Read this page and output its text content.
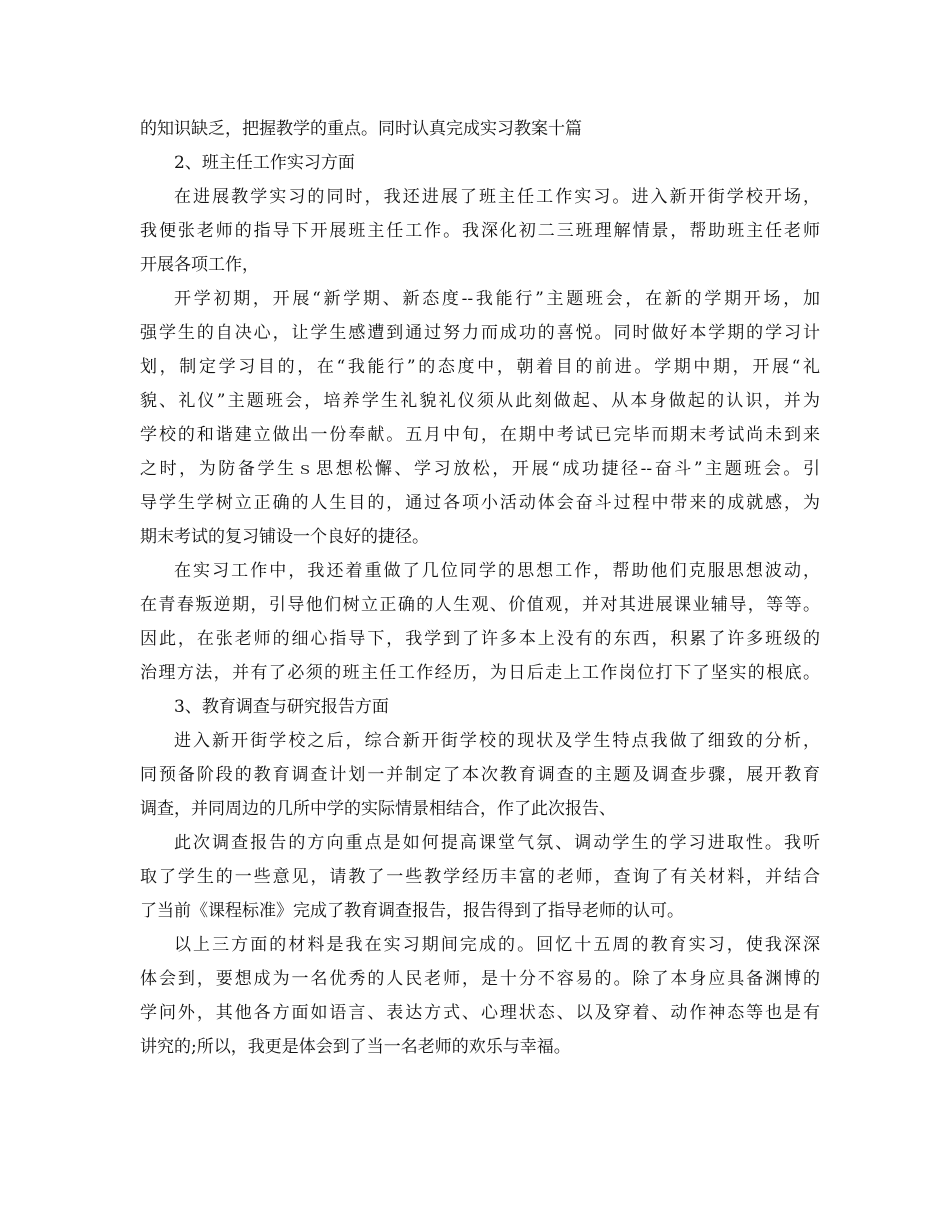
的知识缺乏，把握教学的重点。同时认真完成实习教案十篇
2、班主任工作实习方面
在进展教学实习的同时，我还进展了班主任工作实习。进入新开街学校开场，
我便张老师的指导下开展班主任工作。我深化初二三班理解情景，帮助班主任老师
开展各项工作，
开学初期，开展“新学期、新态度--我能行”主题班会，在新的学期开场，加
强学生的自决心，让学生感遭到通过努力而成功的喜悦。同时做好本学期的学习计
划，制定学习目的，在“我能行”的态度中，朝着目的前进。学期中期，开展“礼
貌、礼仪”主题班会，培养学生礼貌礼仪须从此刻做起、从本身做起的认识，并为
学校的和谐建立做出一份奉献。五月中旬，在期中考试已完毕而期末考试尚未到来
之时，为防备学生ｓ思想松懈、学习放松，开展“成功捷径--奋斗”主题班会。引
导学生学树立正确的人生目的，通过各项小活动体会奋斗过程中带来的成就感，为
期末考试的复习铺设一个良好的捷径。
在实习工作中，我还着重做了几位同学的思想工作，帮助他们克服思想波动，
在青春叛逆期，引导他们树立正确的人生观、价值观，并对其进展课业辅导，等等。
因此，在张老师的细心指导下，我学到了许多本上没有的东西，积累了许多班级的
治理方法，并有了必须的班主任工作经历，为日后走上工作岗位打下了坚实的根底。
3、教育调查与研究报告方面
进入新开街学校之后，综合新开街学校的现状及学生特点我做了细致的分析，
同预备阶段的教育调查计划一并制定了本次教育调查的主题及调查步骤，展开教育
调查，并同周边的几所中学的实际情景相结合，作了此次报告、
此次调查报告的方向重点是如何提高课堂气氛、调动学生的学习进取性。我听
取了学生的一些意见，请教了一些教学经历丰富的老师，查询了有关材料，并结合
了当前《课程标准》完成了教育调查报告，报告得到了指导老师的认可。
以上三方面的材料是我在实习期间完成的。回忆十五周的教育实习，使我深深
体会到，要想成为一名优秀的人民老师，是十分不容易的。除了本身应具备渊博的
学问外，其他各方面如语言、表达方式、心理状态、以及穿着、动作神态等也是有
讲究的;所以，我更是体会到了当一名老师的欢乐与幸福。
